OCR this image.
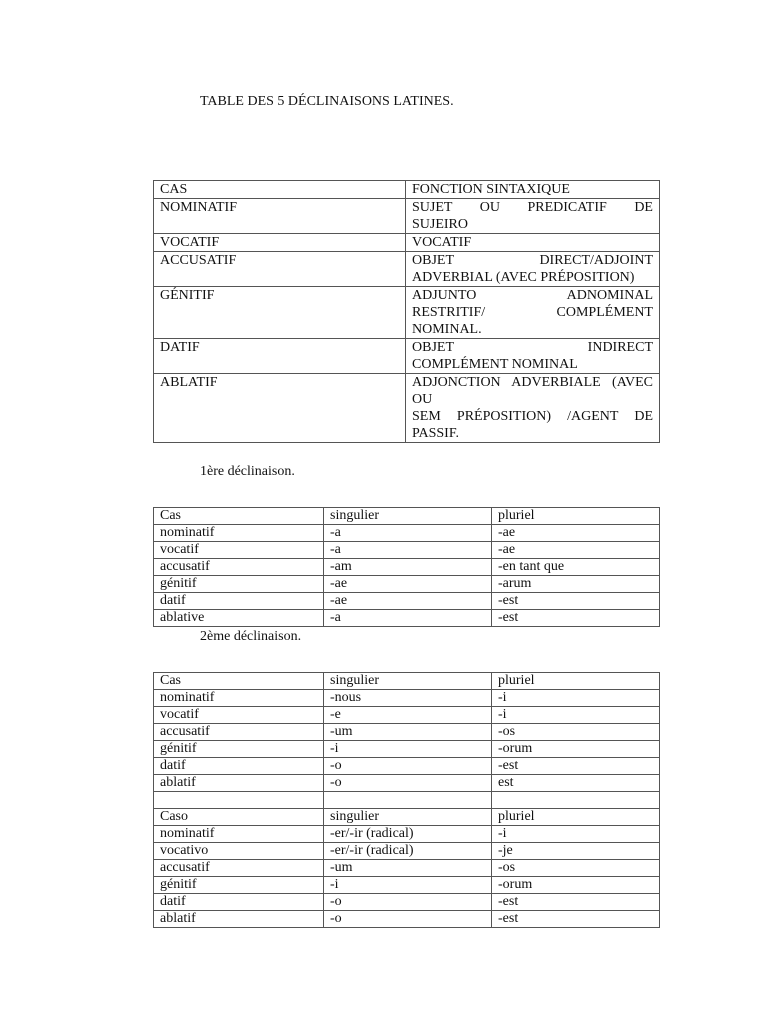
TABLE DES 5 DÉCLINAISONS LATINES.
CAS	FONCTION SINTAXIQUE
NOMINATIF	SUJET OU PREDICATIF DE
SUJEIRO

VOCATIF	VOCATIF

ACCUSATIF	OBJET DIRECT/ADJOINT
ADVERBIAL (AVEC PRÉPOSITION)

GÉNITIF	ADJUNTO ADNOMINAL
RESTRITIF/ COMPLÉMENT
NOMINAL.

DATIF	OBJET INDIRECT
COMPLÉMENT NOMINAL

ABLATIF	ADJONCTION ADVERBIALE (AVEC OU
SEM PRÉPOSITION) /AGENT DE
PASSIF.
1ère déclinaison.
Cas	singulier	pluriel
nominatif	-a	-ae
vocatif	-a	-ae
accusatif	-am	-en tant que
génitif	-ae	-arum
datif	-ae	-est
ablative	-a	-est
2ème déclinaison.
Cas	singulier	pluriel
nominatif	-nous	-i
vocatif	-e	-i
accusatif	-um	-os
génitif	-i	-orum
datif	-o	-est
ablatif	-o	est

Caso	singulier	pluriel
nominatif	-er/-ir (radical)	-i
vocativo	-er/-ir (radical)	-je
accusatif	-um	-os
génitif	-i	-orum
datif	-o	-est
ablatif	-o	-est
